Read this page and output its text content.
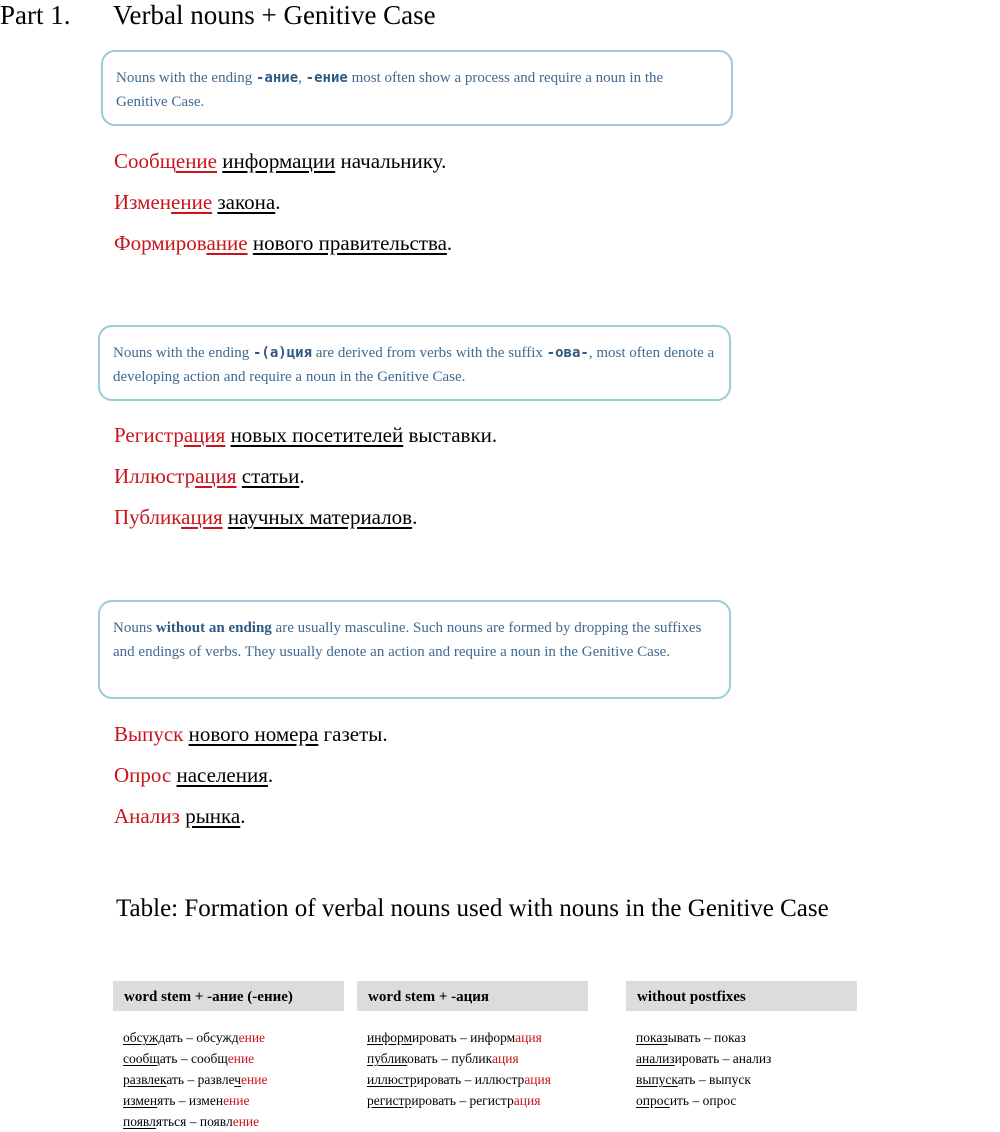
Part 1. Verbal nouns + Genitive Case
Nouns with the ending -ание, -ение most often show a process and require a noun in the Genitive Case.
Сообщение информации начальнику.
Изменение закона.
Формирование нового правительства.
Nouns with the ending -(а)ция are derived from verbs with the suffix -ова-, most often denote a developing action and require a noun in the Genitive Case.
Регистрация новых посетителей выставки.
Иллюстрация статьи.
Публикация научных материалов.
Nouns without an ending are usually masculine. Such nouns are formed by dropping the suffixes and endings of verbs. They usually denote an action and require a noun in the Genitive Case.
Выпуск нового номера газеты.
Опрос населения.
Анализ рынка.
Table: Formation of verbal nouns used with nouns in the Genitive Case
word stem + -ание (-ение)
обсуждать – обсуждение
сообщать – сообщение
развлекать – развлечение
изменять – изменение
появляться – появление
word stem + -ация
информировать – информация
публиковать – публикация
иллюстрировать – иллюстрация
регистрировать – регистрация
without postfixes
показывать – показ
анализировать – анализ
выпускать – выпуск
опросить – опрос
